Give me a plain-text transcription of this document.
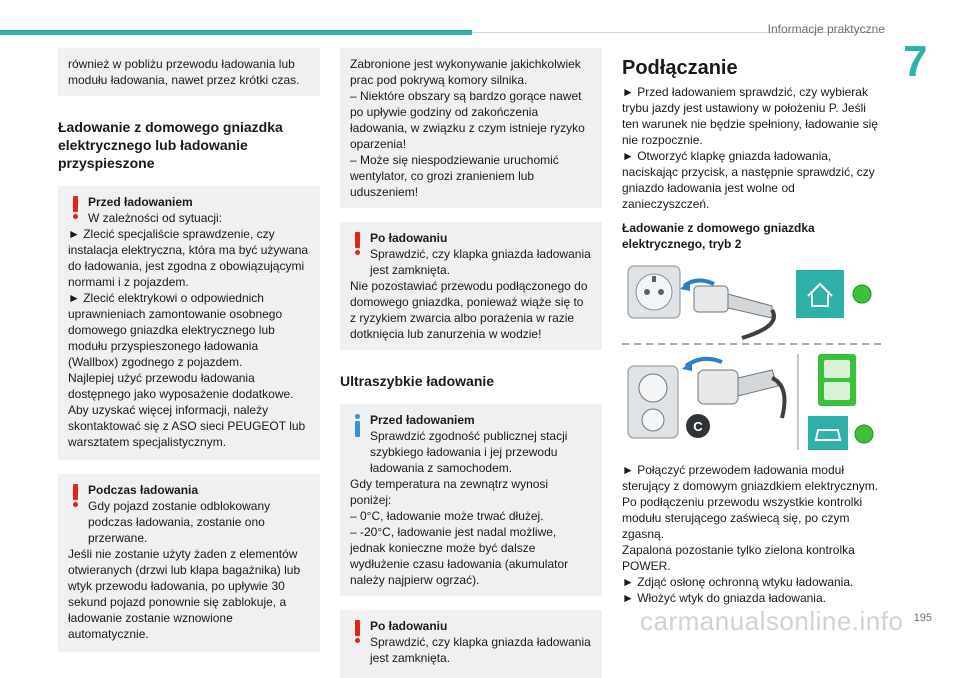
Informacje praktyczne
7

również w pobliżu przewodu ładowania lub modułu ładowania, nawet przez krótki czas.

Ładowanie z domowego gniazdka elektrycznego lub ładowanie przyspieszone

Przed ładowaniem

W zależności od sytuacji:

► Zlecić specjaliście sprawdzenie, czy instalacja elektryczna, która ma być używana do ładowania, jest zgodna z obowiązującymi normami i z pojazdem.

► Zlecić elektrykowi o odpowiednich uprawnieniach zamontowanie osobnego domowego gniazdka elektrycznego lub modułu przyspieszonego ładowania (Wallbox) zgodnego z pojazdem.

Najlepiej użyć przewodu ładowania dostępnego jako wyposażenie dodatkowe.

Aby uzyskać więcej informacji, należy skontaktować się z ASO sieci PEUGEOT lub warsztatem specjalistycznym.

Podczas ładowania

Gdy pojazd zostanie odblokowany podczas ładowania, zostanie ono przerwane.

Jeśli nie zostanie użyty żaden z elementów otwieranych (drzwi lub klapa bagażnika) lub wtyk przewodu ładowania, po upływie 30 sekund pojazd ponownie się zablokuje, a ładowanie zostanie wznowione automatycznie.

Zabronione jest wykonywanie jakichkolwiek prac pod pokrywą komory silnika.

– Niektóre obszary są bardzo gorące nawet po upływie godziny od zakończenia ładowania, w związku z czym istnieje ryzyko oparzenia!

– Może się niespodziewanie uruchomić wentylator, co grozi zranieniem lub uduszeniem!

Po ładowaniu

Sprawdzić, czy klapka gniazda ładowania jest zamknięta.

Nie pozostawiać przewodu podłączonego do domowego gniazdka, ponieważ wiąże się to z ryzykiem zwarcia albo porażenia w razie dotknięcia lub zanurzenia w wodzie!

Ultraszybkie ładowanie

Przed ładowaniem

Sprawdzić zgodność publicznej stacji szybkiego ładowania i jej przewodu ładowania z samochodem.

Gdy temperatura na zewnątrz wynosi poniżej:

– 0°C, ładowanie może trwać dłużej.

– -20°C, ładowanie jest nadal możliwe, jednak konieczne może być dalsze wydłużenie czasu ładowania (akumulator należy najpierw ogrzać).

Po ładowaniu

Sprawdzić, czy klapka gniazda ładowania jest zamknięta.

Podłączanie

► Przed ładowaniem sprawdzić, czy wybierak trybu jazdy jest ustawiony w położeniu P. Jeśli ten warunek nie będzie spełniony, ładowanie się nie rozpocznie.

► Otworzyć klapkę gniazda ładowania, naciskając przycisk, a następnie sprawdzić, czy gniazdo ładowania jest wolne od zanieczyszczeń.

Ładowanie z domowego gniazdka elektrycznego, tryb 2
C

► Połączyć przewodem ładowania moduł sterujący z domowym gniazdkiem elektrycznym.

Po podłączeniu przewodu wszystkie kontrolki modułu sterującego zaświecą się, po czym zgasną.

Zapalona pozostanie tylko zielona kontrolka POWER.

► Zdjąć osłonę ochronną wtyku ładowania.

► Włożyć wtyk do gniazda ładowania.

carmanualsonline.info 195
